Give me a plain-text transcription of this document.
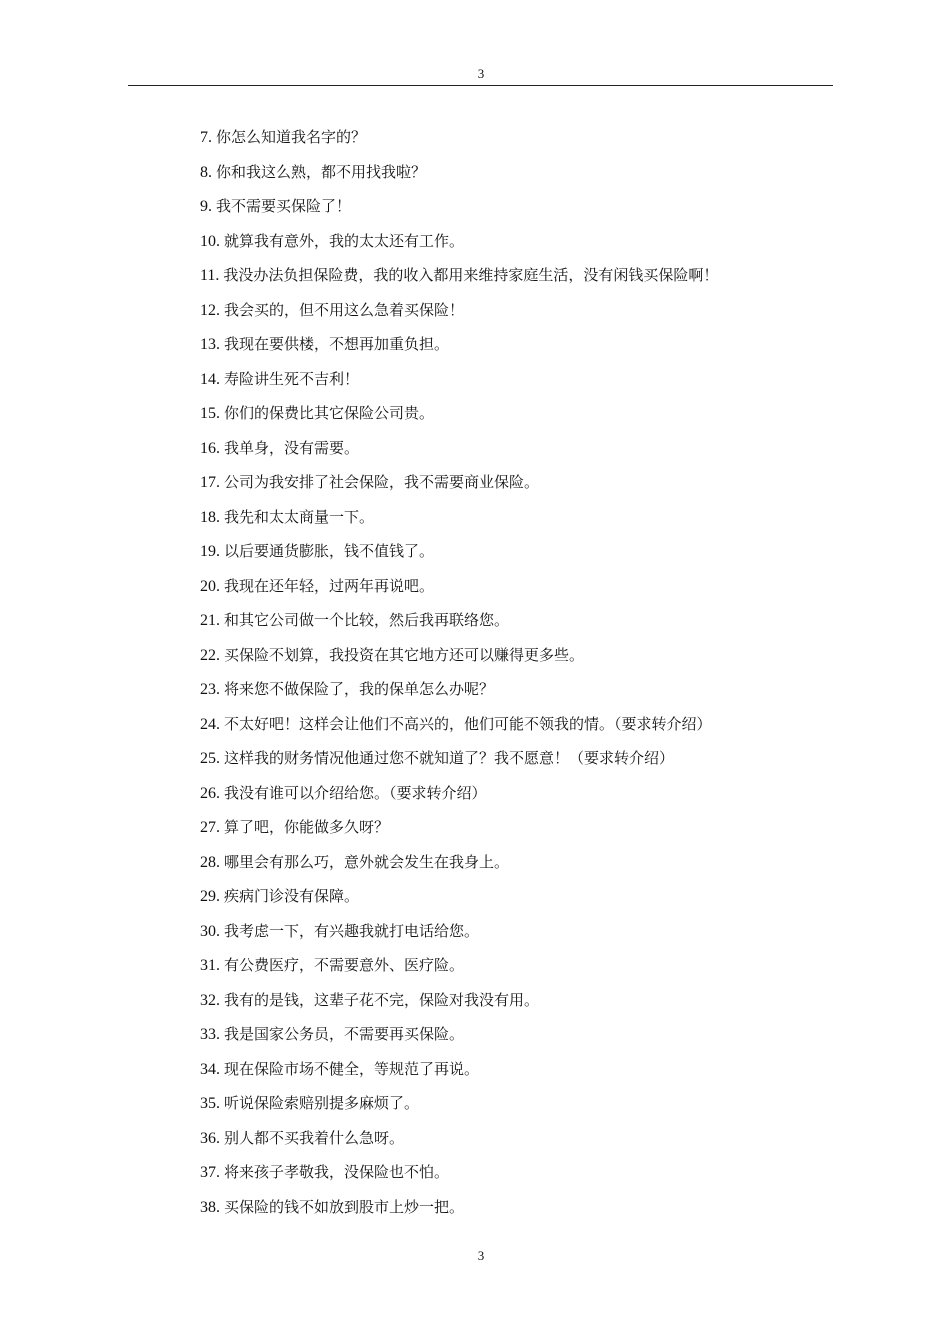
3
7. 你怎么知道我名字的？
8. 你和我这么熟，都不用找我啦？
9. 我不需要买保险了！
10. 就算我有意外，我的太太还有工作。
11. 我没办法负担保险费，我的收入都用来维持家庭生活，没有闲钱买保险啊！
12. 我会买的，但不用这么急着买保险！
13. 我现在要供楼，不想再加重负担。
14. 寿险讲生死不吉利！
15. 你们的保费比其它保险公司贵。
16. 我单身，没有需要。
17. 公司为我安排了社会保险，我不需要商业保险。
18. 我先和太太商量一下。
19. 以后要通货膨胀，钱不值钱了。
20. 我现在还年轻，过两年再说吧。
21. 和其它公司做一个比较，然后我再联络您。
22. 买保险不划算，我投资在其它地方还可以赚得更多些。
23. 将来您不做保险了，我的保单怎么办呢？
24. 不太好吧！这样会让他们不高兴的，他们可能不领我的情。（要求转介绍）
25. 这样我的财务情况他通过您不就知道了？我不愿意！（要求转介绍）
26. 我没有谁可以介绍给您。（要求转介绍）
27. 算了吧，你能做多久呀？
28. 哪里会有那么巧，意外就会发生在我身上。
29. 疾病门诊没有保障。
30. 我考虑一下，有兴趣我就打电话给您。
31. 有公费医疗，不需要意外、医疗险。
32. 我有的是钱，这辈子花不完，保险对我没有用。
33. 我是国家公务员，不需要再买保险。
34. 现在保险市场不健全，等规范了再说。
35. 听说保险索赔别提多麻烦了。
36. 别人都不买我着什么急呀。
37. 将来孩子孝敬我，没保险也不怕。
38. 买保险的钱不如放到股市上炒一把。
3
